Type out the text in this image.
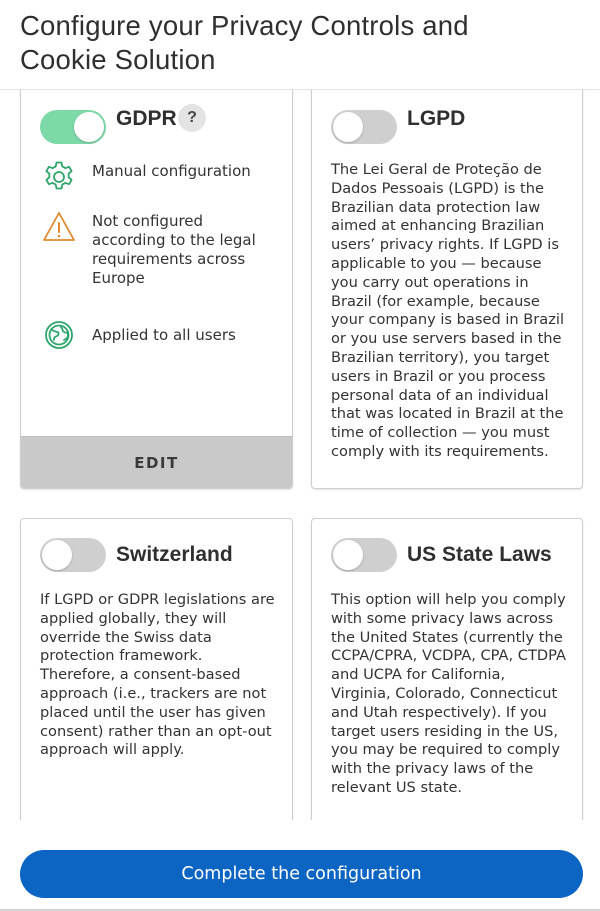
Configure your Privacy Controls and Cookie Solution
GDPR ?
Manual configuration
Not configured according to the legal requirements across Europe
Applied to all users
EDIT
LGPD
The Lei Geral de Proteção de Dados Pessoais (LGPD) is the Brazilian data protection law aimed at enhancing Brazilian users’ privacy rights. If LGPD is applicable to you — because you carry out operations in Brazil (for example, because your company is based in Brazil or you use servers based in the Brazilian territory), you target users in Brazil or you process personal data of an individual that was located in Brazil at the time of collection — you must comply with its requirements.
Switzerland
If LGPD or GDPR legislations are applied globally, they will override the Swiss data protection framework. Therefore, a consent-based approach (i.e., trackers are not placed until the user has given consent) rather than an opt-out approach will apply.
US State Laws
This option will help you comply with some privacy laws across the United States (currently the CCPA/CPRA, VCDPA, CPA, CTDPA and UCPA for California, Virginia, Colorado, Connecticut and Utah respectively). If you target users residing in the US, you may be required to comply with the privacy laws of the relevant US state.
Complete the configuration
